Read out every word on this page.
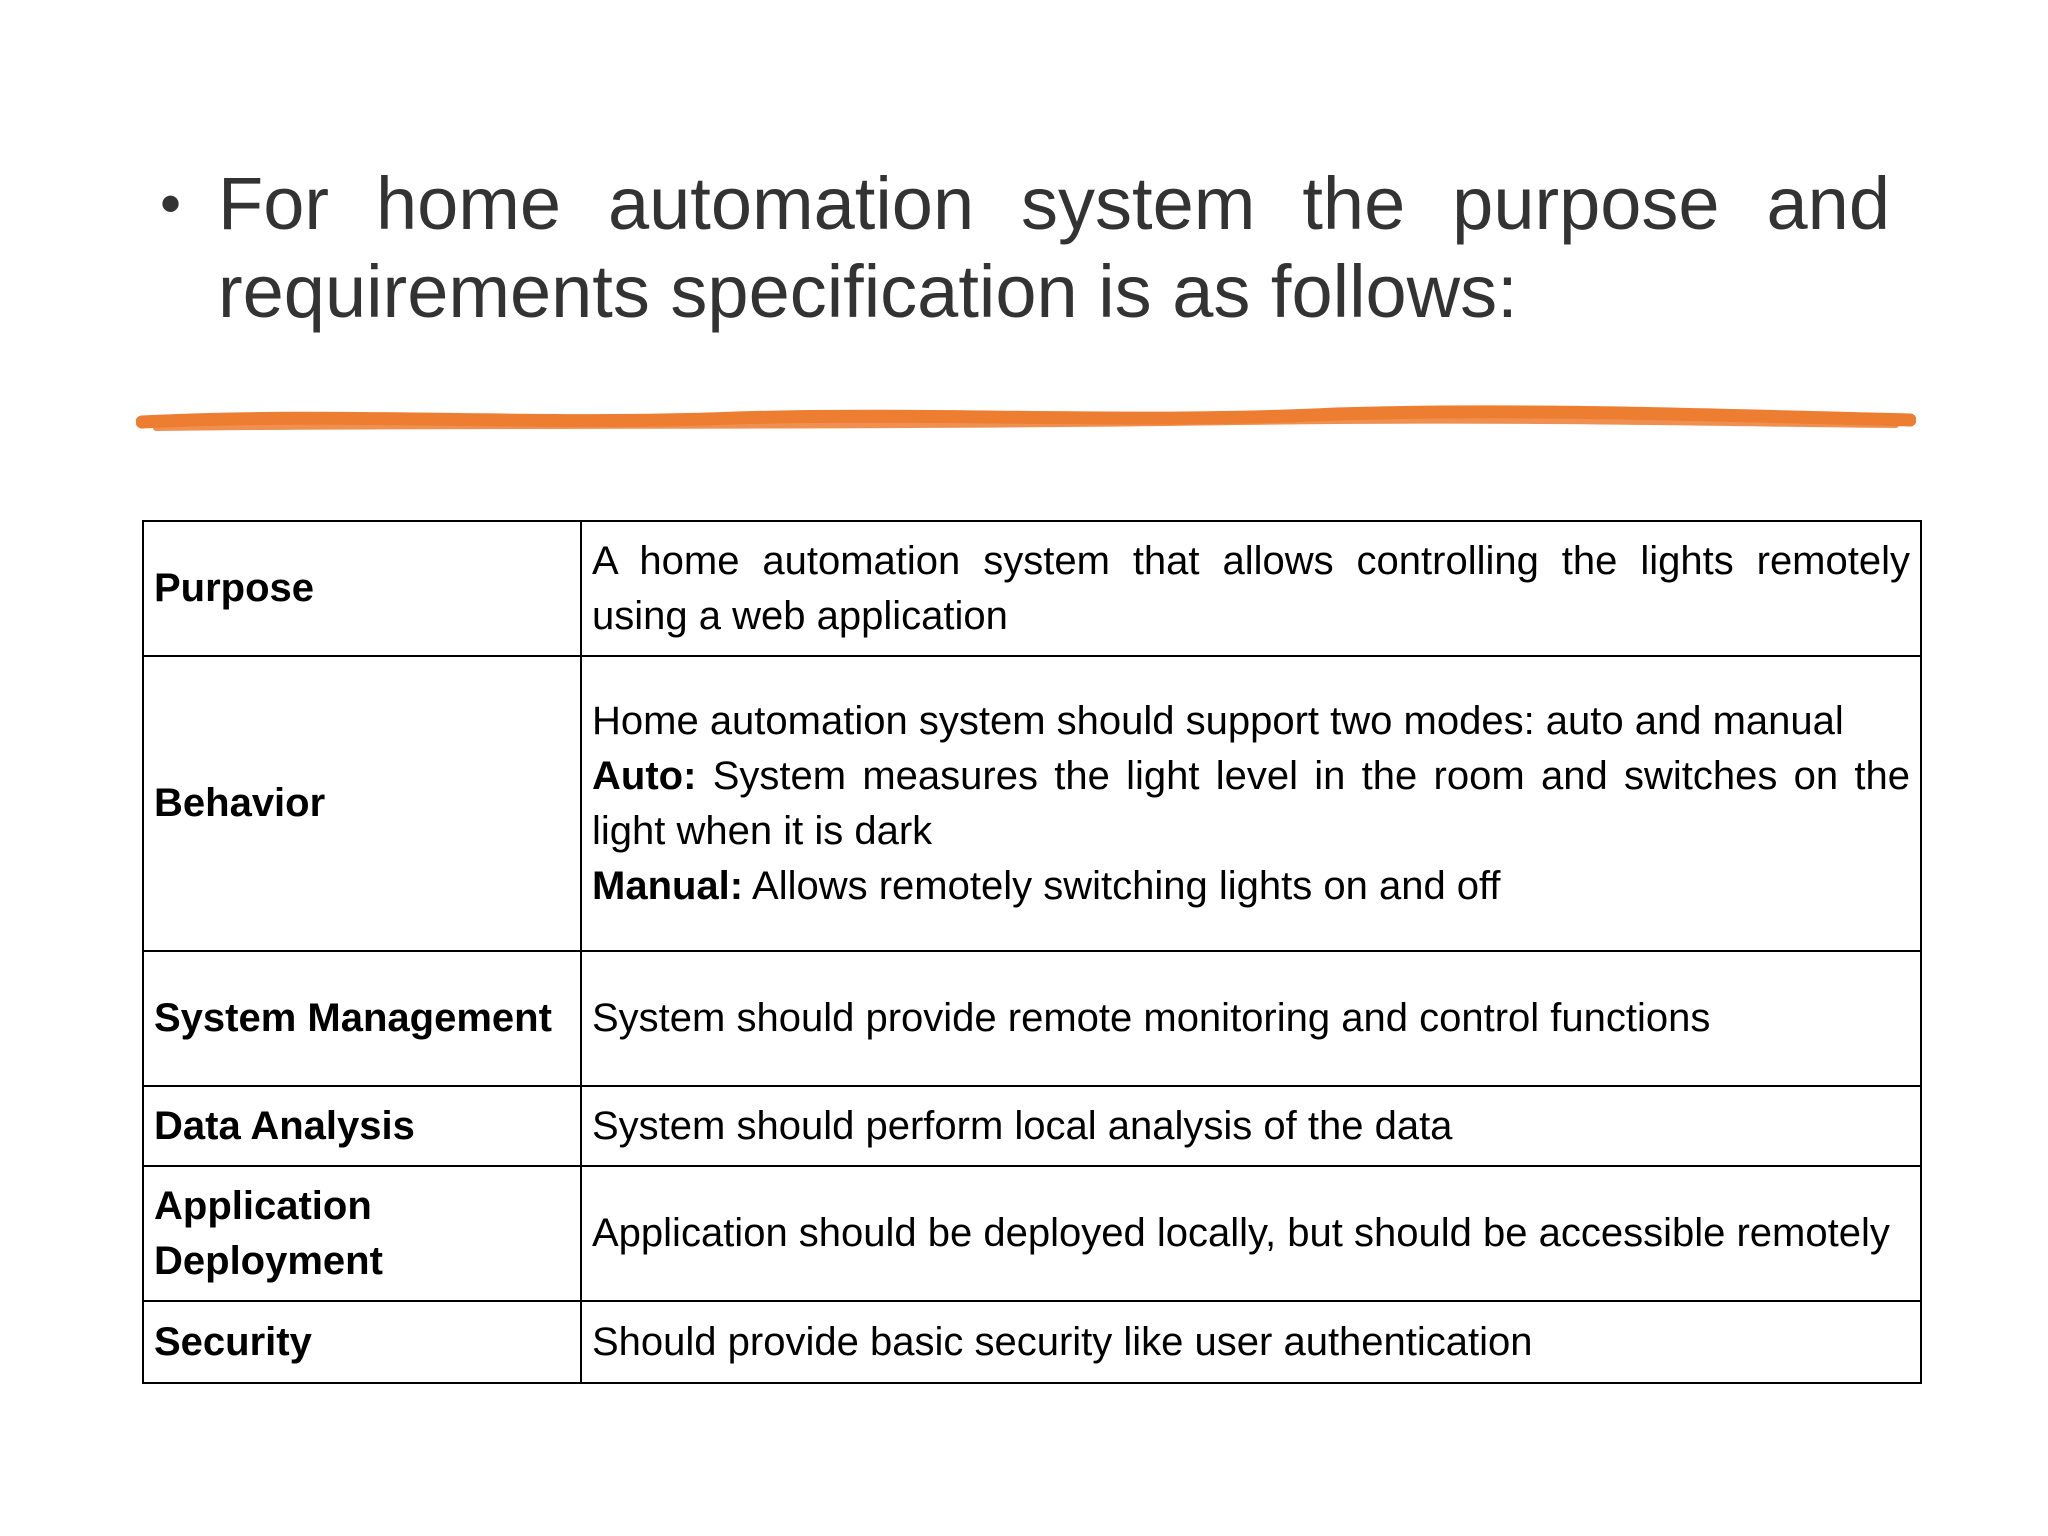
• For home automation system the purpose and requirements specification is as follows:
Purpose	A home automation system that allows controlling the lights remotely using a web application

Behavior	Home automation system should support two modes: auto and manual
Auto: System measures the light level in the room and switches on the light when it is dark
Manual: Allows remotely switching lights on and off

System Management	System should provide remote monitoring and control functions

Data Analysis	System should perform local analysis of the data

Application Deployment	Application should be deployed locally, but should be accessible remotely

Security	Should provide basic security like user authentication
